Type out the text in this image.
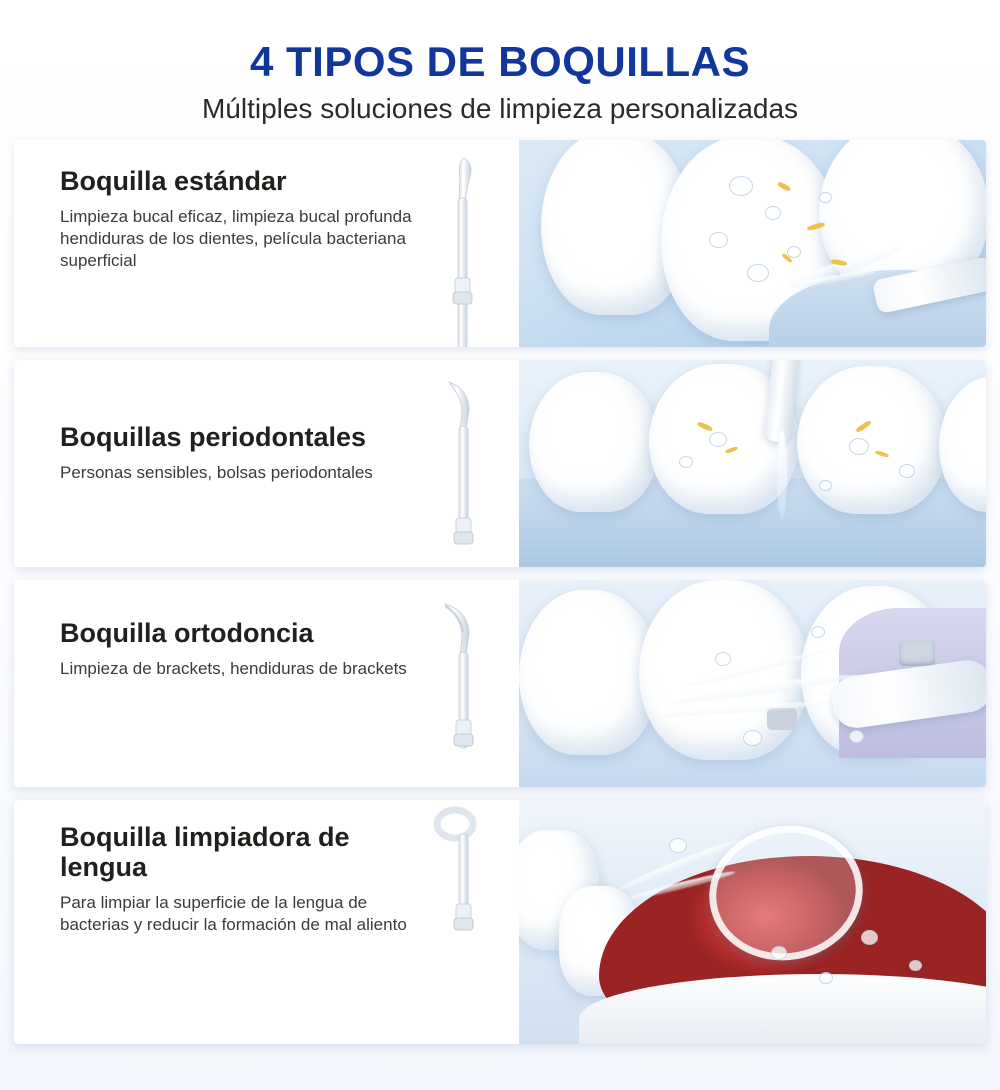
4 TIPOS DE BOQUILLAS
Múltiples soluciones de limpieza personalizadas

Boquilla estándar

Limpieza bucal eficaz, limpieza bucal profunda hendiduras de los dientes, película bacteriana superficial

Boquillas periodontales

Personas sensibles, bolsas periodontales

Boquilla ortodoncia

Limpieza de brackets, hendiduras de brackets

Boquilla limpiadora de lengua

Para limpiar la superficie de la lengua de bacterias y reducir la formación de mal aliento
